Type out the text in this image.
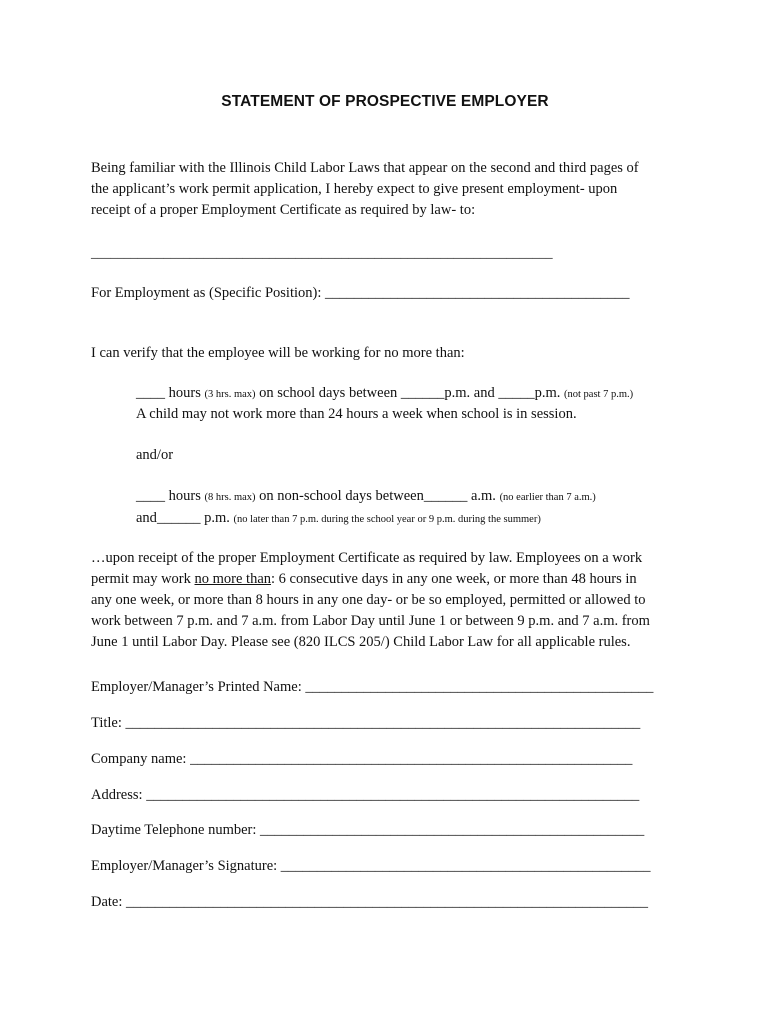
STATEMENT OF PROSPECTIVE EMPLOYER
Being familiar with the Illinois Child Labor Laws that appear on the second and third pages of
the applicant’s work permit application, I hereby expect to give present employment- upon
receipt of a proper Employment Certificate as required by law- to:
______________________________________________________________________
For Employment as (Specific Position): __________________________________________
I can verify that the employee will be working for no more than:
____ hours (3 hrs. max) on school days between ______p.m. and _____p.m. (not past 7 p.m.)
A child may not work more than 24 hours a week when school is in session.
and/or
____ hours (8 hrs. max) on non-school days between______ a.m. (no earlier than 7 a.m.)
and______ p.m. (no later than 7 p.m. during the school year or 9 p.m. during the summer)
…upon receipt of the proper Employment Certificate as required by law. Employees on a work
permit may work no more than: 6 consecutive days in any one week, or more than 48 hours in
any one week, or more than 8 hours in any one day- or be so employed, permitted or allowed to
work between 7 p.m. and 7 a.m. from Labor Day until June 1 or between 9 p.m. and 7 a.m. from
June 1 until Labor Day. Please see (820 ILCS 205/) Child Labor Law for all applicable rules.
Employer/Manager’s Printed Name: ________________________________________________
Title: _______________________________________________________________________
Company name: _____________________________________________________________
Address: ____________________________________________________________________
Daytime Telephone number: _____________________________________________________
Employer/Manager’s Signature: ___________________________________________________
Date: ________________________________________________________________________
